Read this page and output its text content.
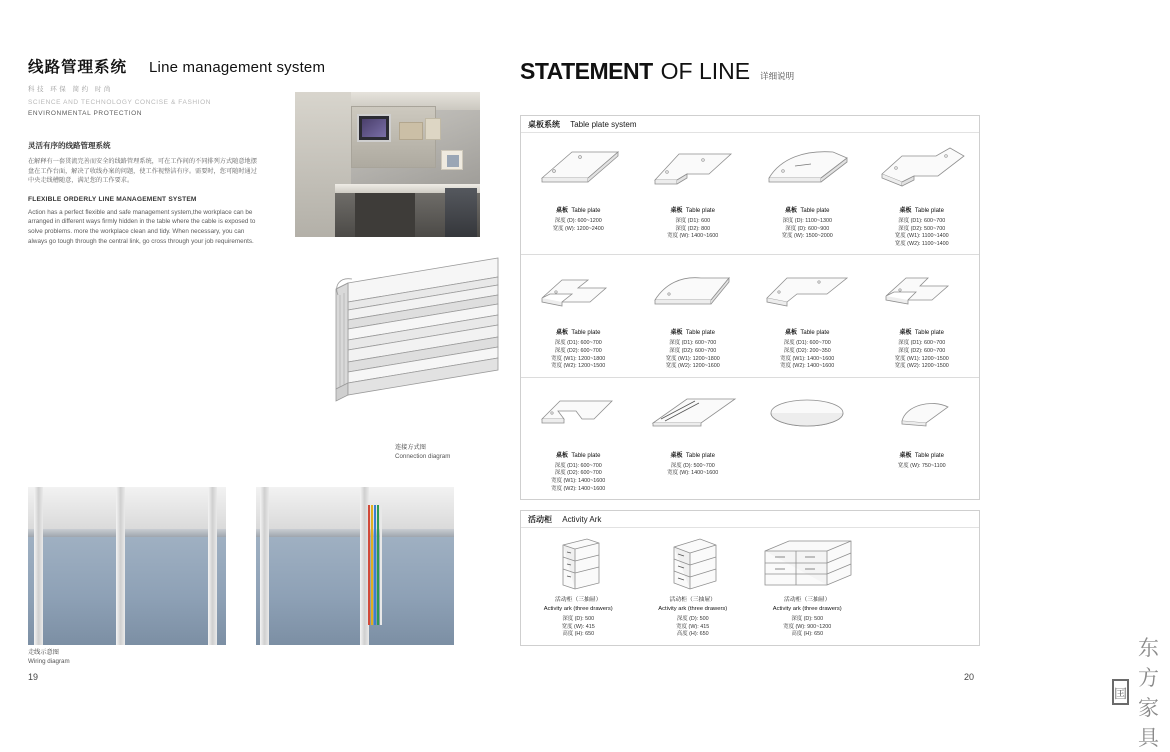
线路管理系统 Line management system
科技 环保 简约 时尚
SCIENCE AND TECHNOLOGY CONCISE & FASHION
ENVIRONMENTAL PROTECTION
灵活有序的线路管理系统
在解释有一套贯流完善而安全的线路管理系统，可在工作间的不同排列方式随意地摆盘在工作台面，解决了收线办案的问题，使工作视整洁有序。需要时，您可随时通过中央走线槽随意，满足您的工作要求。
FLEXIBLE ORDERLY LINE MANAGEMENT SYSTEM
Action has a perfect flexible and safe management system,the workplace can be arranged in different ways firmly hidden in the table where the cable is exposed to solve problems. more the workplace clean and tidy. When necessary, you can always go tough through the central link, go cross through your job requirements.
连接方式图
Connection diagram
走线示意图
Wiring diagram
19
STATEMENT OF LINE 详细说明
桌板系统 Table plate system
桌板 Table plate
深度 (D): 600~1200
宽度 (W): 1200~2400
桌板 Table plate
深度 (D1): 600
深度 (D2): 800
宽度 (W): 1400~1600
桌板 Table plate
深度 (D): 1100~1300
深度 (D): 600~900
宽度 (W): 1500~2000
桌板 Table plate
深度 (D1): 600~700
深度 (D2): 500~700
宽度 (W1): 1100~1400
宽度 (W2): 1100~1400
桌板 Table plate
深度 (D1): 600~700
深度 (D2): 600~700
宽度 (W1): 1200~1800
宽度 (W2): 1200~1500
桌板 Table plate
深度 (D1): 600~700
深度 (D2): 600~700
宽度 (W1): 1200~1800
宽度 (W2): 1200~1600
桌板 Table plate
深度 (D1): 600~700
深度 (D2): 200~350
宽度 (W1): 1400~1600
宽度 (W2): 1400~1600
桌板 Table plate
深度 (D1): 600~700
深度 (D2): 600~700
宽度 (W1): 1200~1500
宽度 (W2): 1200~1500
桌板 Table plate
深度 (D1): 600~700
深度 (D2): 600~700
宽度 (W1): 1400~1600
宽度 (W2): 1400~1600
桌板 Table plate
深度 (D): 500~700
宽度 (W): 1400~1600
桌板 Table plate
宽度 (W): 750~1100
活动柜 Activity Ark
活动柜（三抽屉）
Activity ark (three drawers)
深度 (D): 500
宽度 (W): 415
高度 (H): 650
活动柜（三抽屉）
Activity ark (three drawers)
深度 (D): 500
宽度 (W): 415
高度 (H): 650
活动柜（三抽屉）
Activity ark (three drawers)
深度 (D): 500
宽度 (W): 900~1200
高度 (H): 650
囯
东方家具
20
